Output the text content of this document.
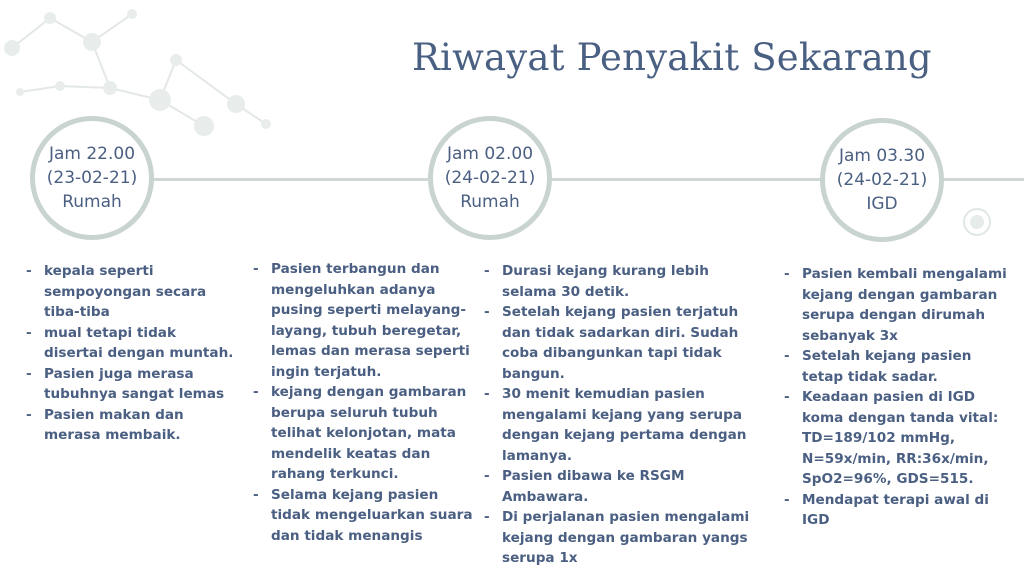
Riwayat Penyakit Sekarang
Jam 22.00
(23-02-21)
Rumah
Jam 02.00
(24-02-21)
Rumah
Jam 03.30
(24-02-21)
IGD
- kepala seperti sempoyongan secara tiba-tiba
- mual tetapi tidak disertai dengan muntah.
- Pasien juga merasa tubuhnya sangat lemas
- Pasien makan dan merasa membaik.
- Pasien terbangun dan mengeluhkan adanya pusing seperti melayang-layang, tubuh beregetar, lemas dan merasa seperti ingin terjatuh.
- kejang dengan gambaran berupa seluruh tubuh telihat kelonjotan, mata mendelik keatas dan rahang terkunci.
- Selama kejang pasien tidak mengeluarkan suara dan tidak menangis
- Durasi kejang kurang lebih selama 30 detik.
- Setelah kejang pasien terjatuh dan tidak sadarkan diri. Sudah coba dibangunkan tapi tidak bangun.
- 30 menit kemudian pasien mengalami kejang yang serupa dengan kejang pertama dengan lamanya.
- Pasien dibawa ke RSGM Ambawara.
- Di perjalanan pasien mengalami kejang dengan gambaran yangs serupa 1x
- Pasien kembali mengalami kejang dengan gambaran serupa dengan dirumah sebanyak 3x
- Setelah kejang pasien tetap tidak sadar.
- Keadaan pasien di IGD koma dengan tanda vital: TD=189/102 mmHg, N=59x/min, RR:36x/min, SpO2=96%, GDS=515.
- Mendapat terapi awal di IGD
